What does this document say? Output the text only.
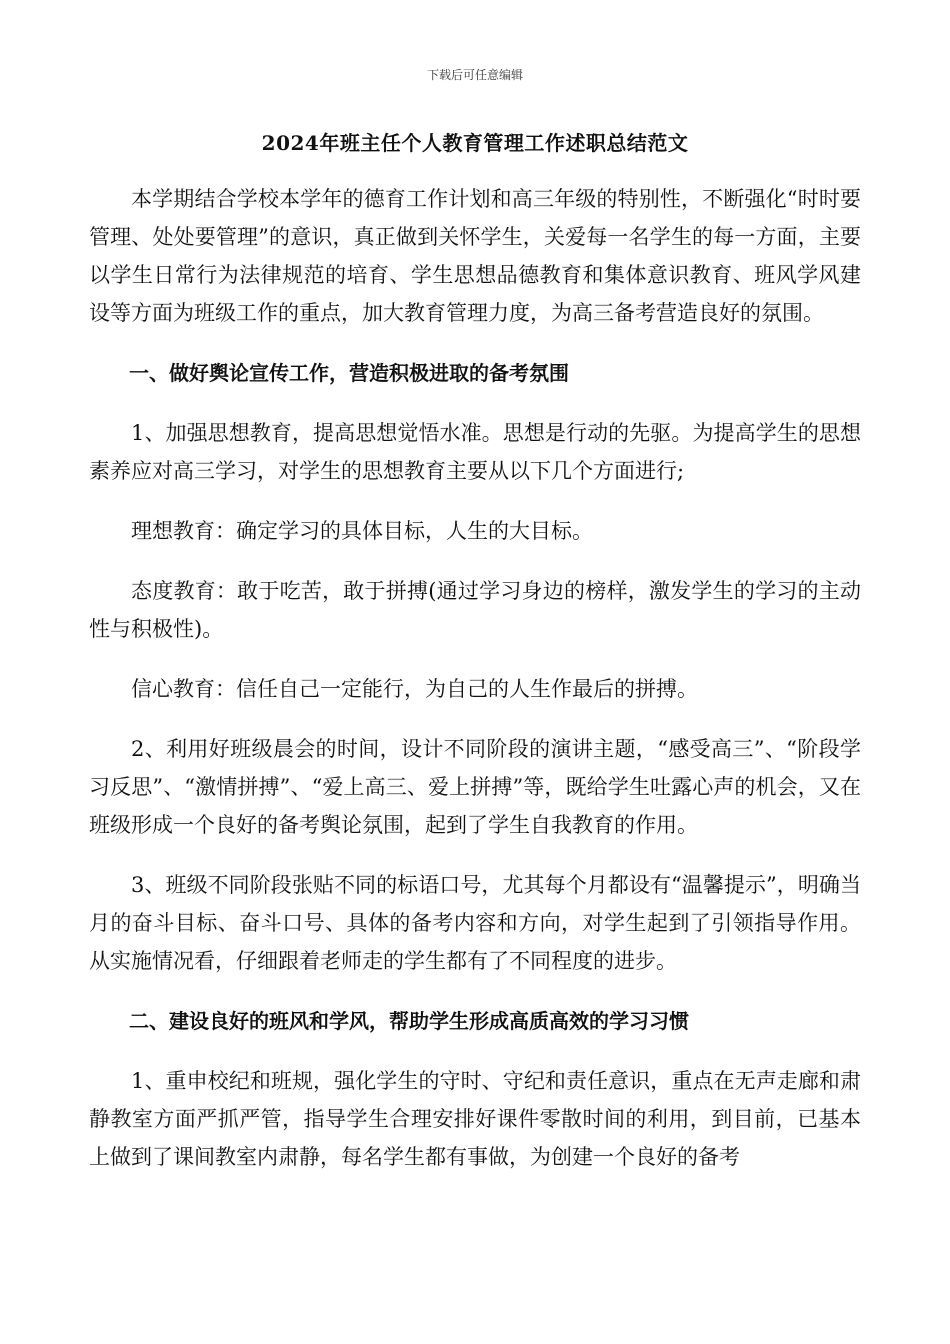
下载后可任意编辑
2024年班主任个人教育管理工作述职总结范文

本学期结合学校本学年的德育工作计划和高三年级的特别性，不断强化“时时要管理、处处要管理”的意识，真正做到关怀学生，关爱每一名学生的每一方面，主要以学生日常行为法律规范的培育、学生思想品德教育和集体意识教育、班风学风建设等方面为班级工作的重点，加大教育管理力度，为高三备考营造良好的氛围。

一、做好舆论宣传工作，营造积极进取的备考氛围

1、加强思想教育，提高思想觉悟水准。思想是行动的先驱。为提高学生的思想素养应对高三学习，对学生的思想教育主要从以下几个方面进行;

理想教育：确定学习的具体目标，人生的大目标。

态度教育：敢于吃苦，敢于拼搏(通过学习身边的榜样，激发学生的学习的主动性与积极性)。

信心教育：信任自己一定能行，为自己的人生作最后的拼搏。

2、利用好班级晨会的时间，设计不同阶段的演讲主题，“感受高三”、“阶段学习反思”、“激情拼搏”、“爱上高三、爱上拼搏”等，既给学生吐露心声的机会，又在班级形成一个良好的备考舆论氛围，起到了学生自我教育的作用。

3、班级不同阶段张贴不同的标语口号，尤其每个月都设有“温馨提示”，明确当月的奋斗目标、奋斗口号、具体的备考内容和方向，对学生起到了引领指导作用。从实施情况看，仔细跟着老师走的学生都有了不同程度的进步。

二、建设良好的班风和学风，帮助学生形成高质高效的学习习惯

1、重申校纪和班规，强化学生的守时、守纪和责任意识，重点在无声走廊和肃静教室方面严抓严管，指导学生合理安排好课件零散时间的利用，到目前，已基本上做到了课间教室内肃静，每名学生都有事做，为创建一个良好的备考
